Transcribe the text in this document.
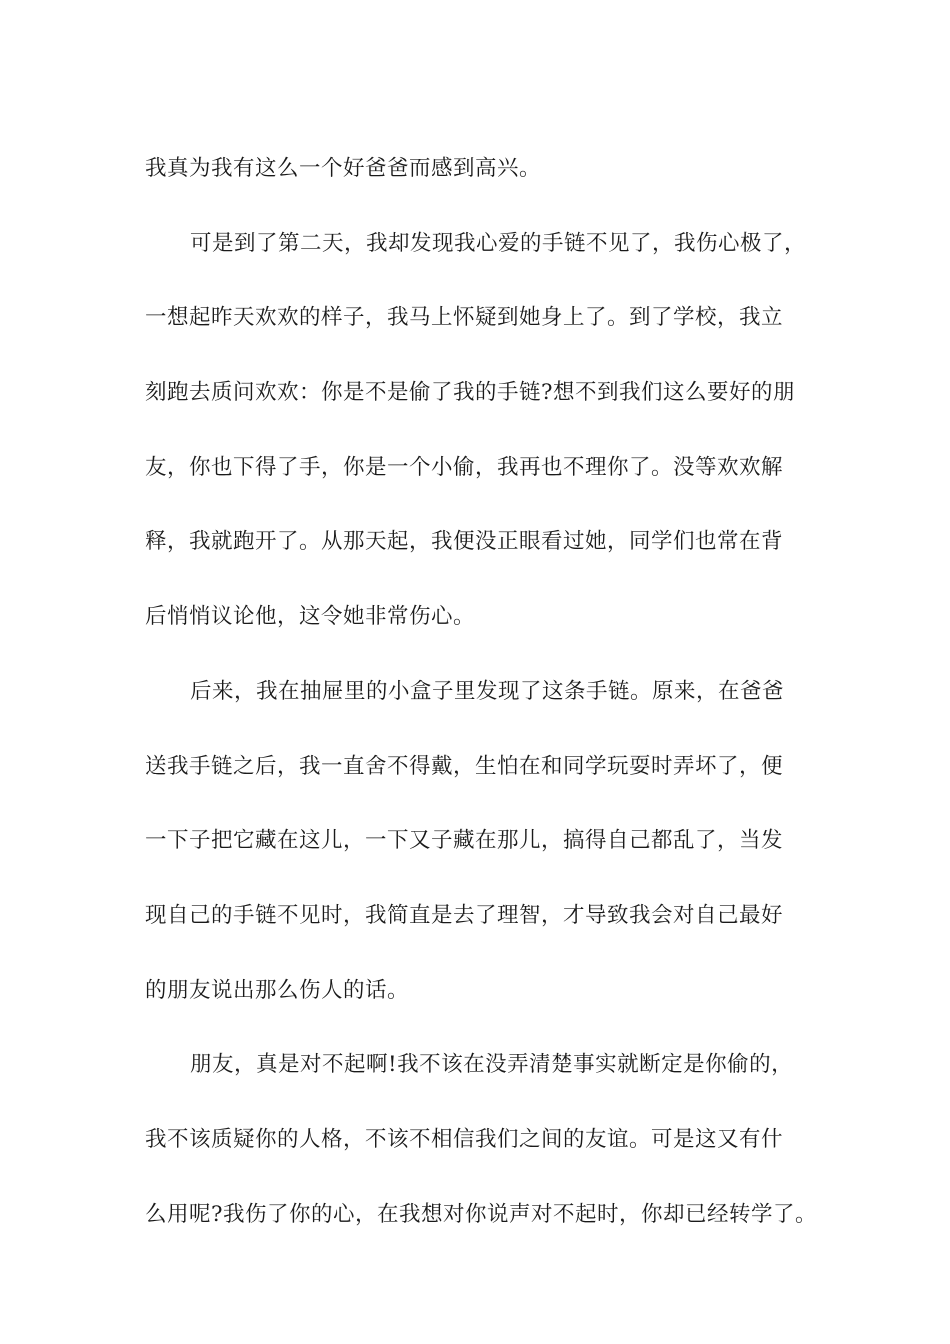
我真为我有这么一个好爸爸而感到高兴。
可是到了第二天，我却发现我心爱的手链不见了，我伤心极了，
一想起昨天欢欢的样子，我马上怀疑到她身上了。到了学校，我立
刻跑去质问欢欢：你是不是偷了我的手链?想不到我们这么要好的朋
友，你也下得了手，你是一个小偷，我再也不理你了。没等欢欢解
释，我就跑开了。从那天起，我便没正眼看过她，同学们也常在背
后悄悄议论他，这令她非常伤心。
后来，我在抽屉里的小盒子里发现了这条手链。原来，在爸爸
送我手链之后，我一直舍不得戴，生怕在和同学玩耍时弄坏了，便
一下子把它藏在这儿，一下又子藏在那儿，搞得自己都乱了，当发
现自己的手链不见时，我简直是去了理智，才导致我会对自己最好
的朋友说出那么伤人的话。
朋友，真是对不起啊!我不该在没弄清楚事实就断定是你偷的，
我不该质疑你的人格，不该不相信我们之间的友谊。可是这又有什
么用呢?我伤了你的心，在我想对你说声对不起时，你却已经转学了。
